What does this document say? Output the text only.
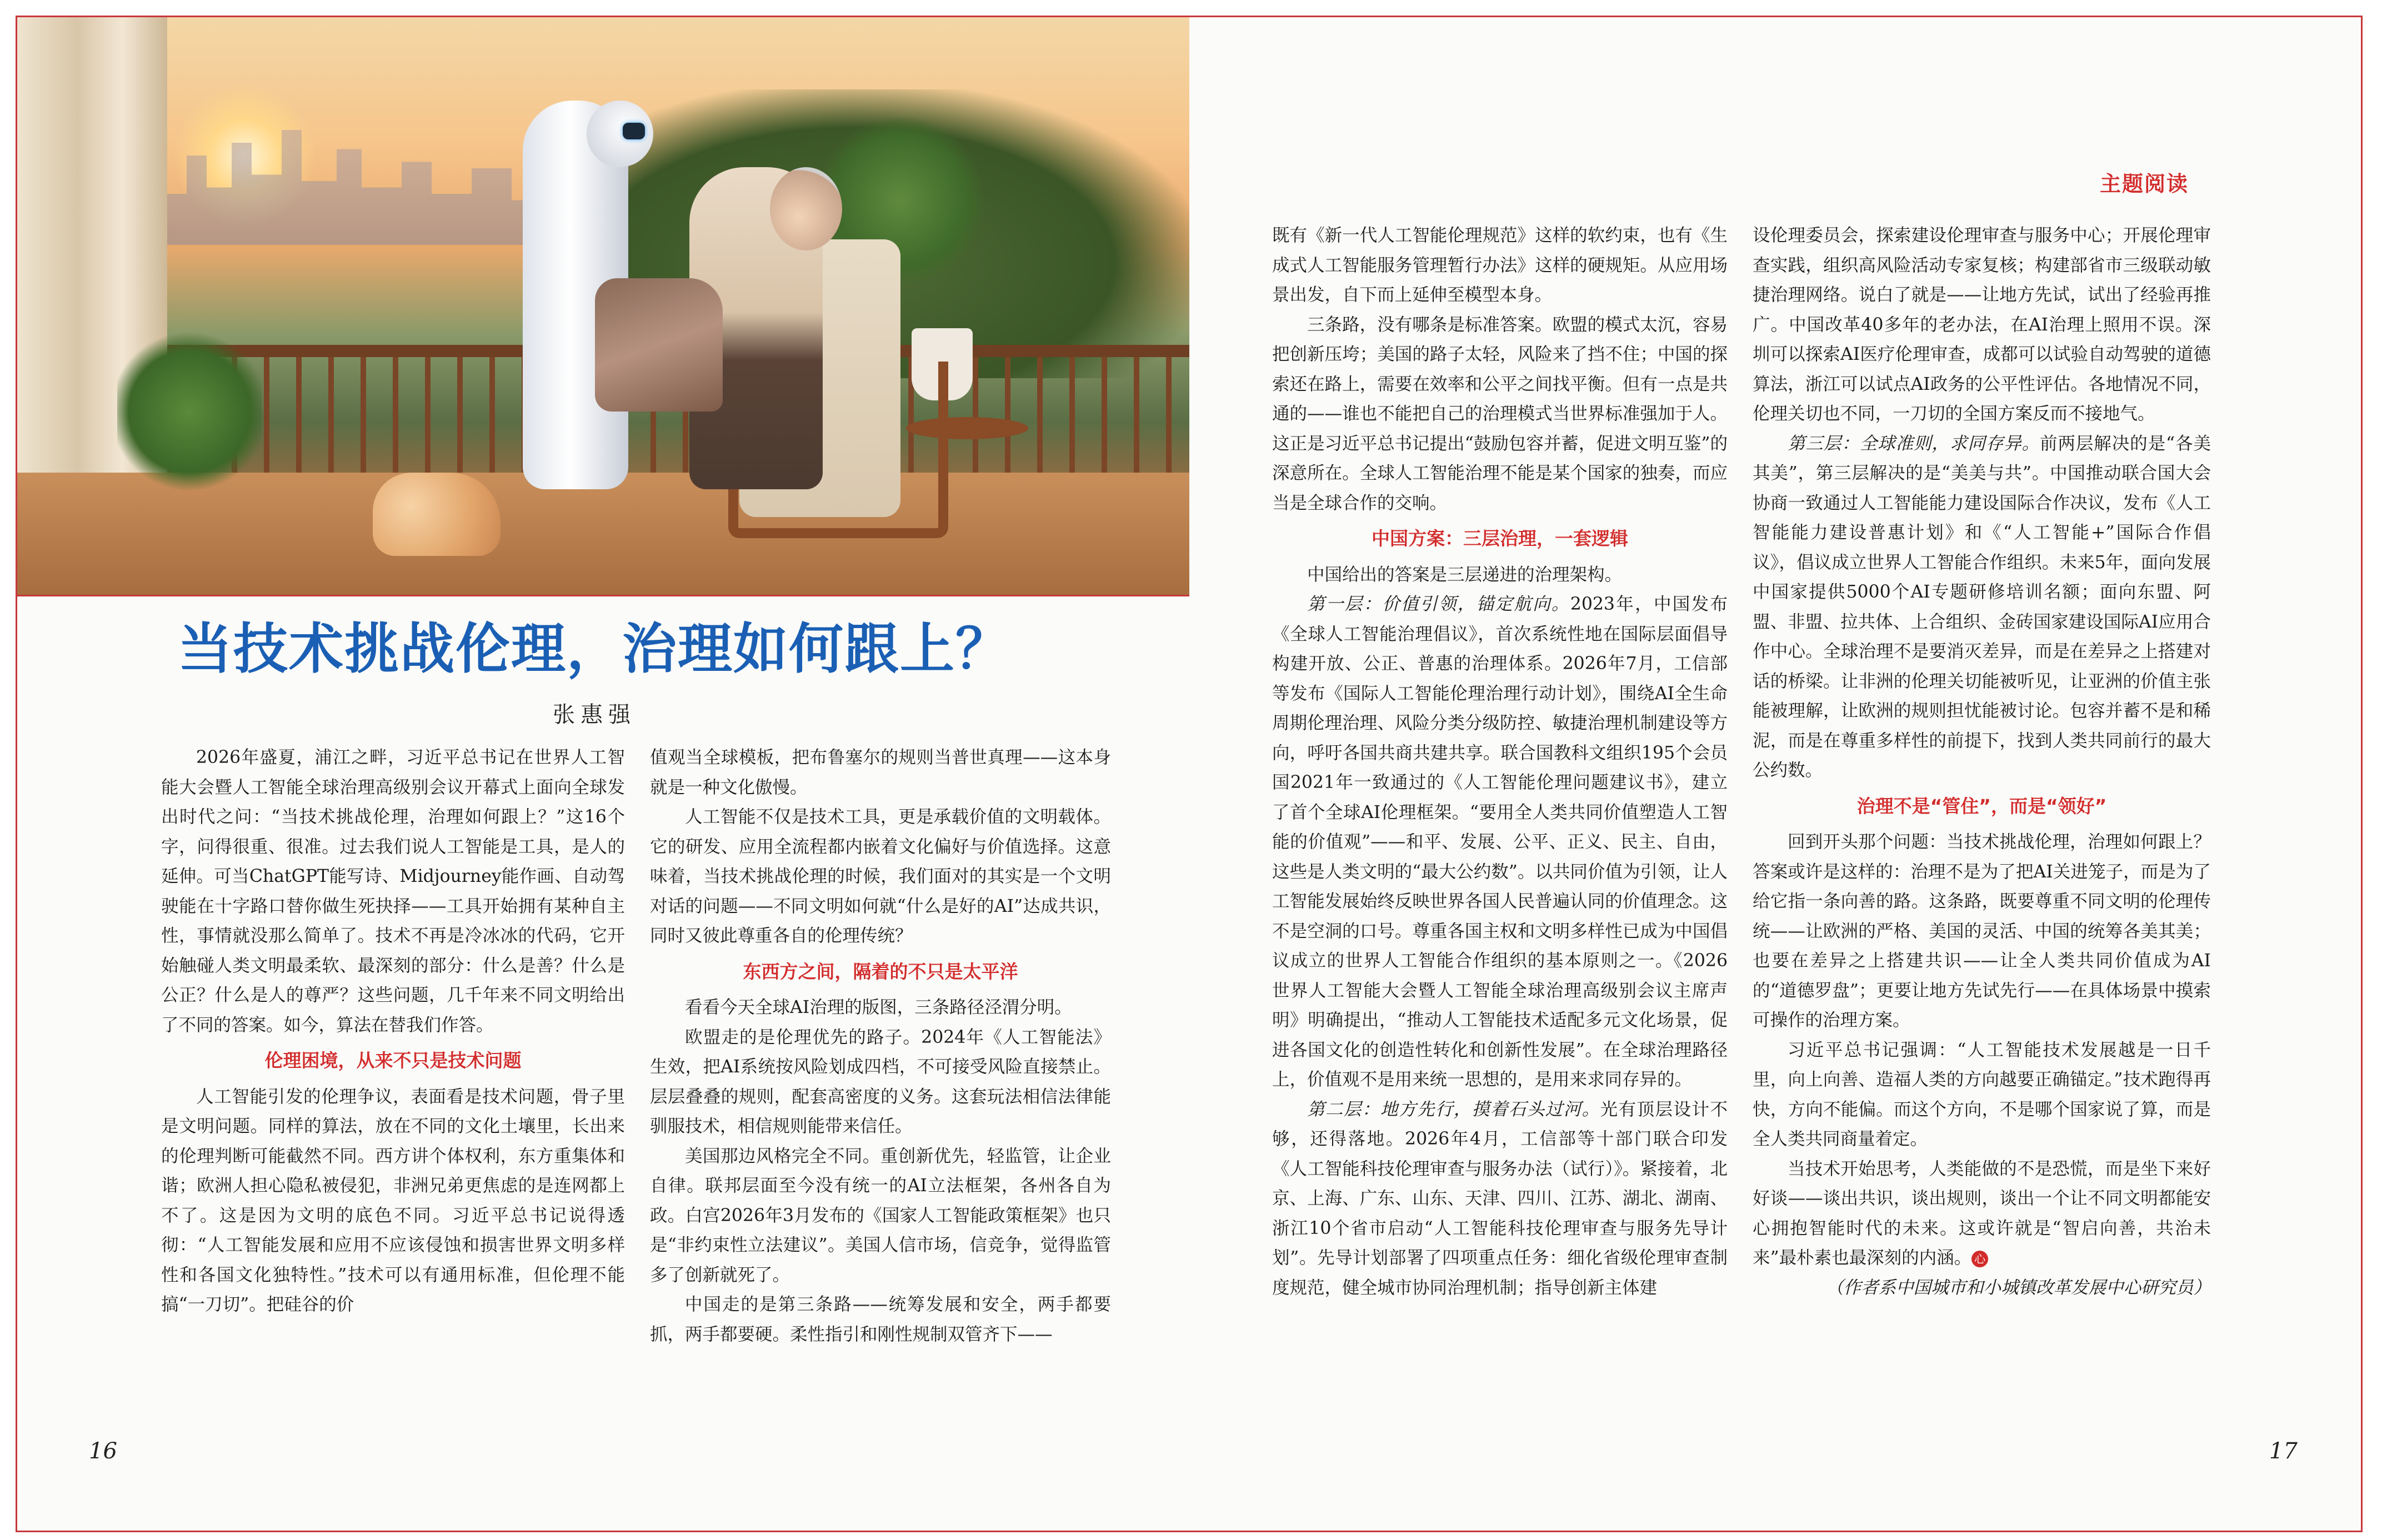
当技术挑战伦理，治理如何跟上？
张惠强

2026年盛夏，浦江之畔，习近平总书记在世界人工智能大会暨人工智能全球治理高级别会议开幕式上面向全球发出时代之问：“当技术挑战伦理，治理如何跟上？”这16个字，问得很重、很准。过去我们说人工智能是工具，是人的延伸。可当ChatGPT能写诗、Midjourney能作画、自动驾驶能在十字路口替你做生死抉择——工具开始拥有某种自主性，事情就没那么简单了。技术不再是冷冰冰的代码，它开始触碰人类文明最柔软、最深刻的部分：什么是善？什么是公正？什么是人的尊严？这些问题，几千年来不同文明给出了不同的答案。如今，算法在替我们作答。

伦理困境，从来不只是技术问题

人工智能引发的伦理争议，表面看是技术问题，骨子里是文明问题。同样的算法，放在不同的文化土壤里，长出来的伦理判断可能截然不同。西方讲个体权利，东方重集体和谐；欧洲人担心隐私被侵犯，非洲兄弟更焦虑的是连网都上不了。这是因为文明的底色不同。习近平总书记说得透彻：“人工智能发展和应用不应该侵蚀和损害世界文明多样性和各国文化独特性。”技术可以有通用标准，但伦理不能搞“一刀切”。把硅谷的价

值观当全球模板，把布鲁塞尔的规则当普世真理——这本身就是一种文化傲慢。

人工智能不仅是技术工具，更是承载价值的文明载体。它的研发、应用全流程都内嵌着文化偏好与价值选择。这意味着，当技术挑战伦理的时候，我们面对的其实是一个文明对话的问题——不同文明如何就“什么是好的AI”达成共识，同时又彼此尊重各自的伦理传统？

东西方之间，隔着的不只是太平洋

看看今天全球AI治理的版图，三条路径泾渭分明。

欧盟走的是伦理优先的路子。2024年《人工智能法》生效，把AI系统按风险划成四档，不可接受风险直接禁止。层层叠叠的规则，配套高密度的义务。这套玩法相信法律能驯服技术，相信规则能带来信任。

美国那边风格完全不同。重创新优先，轻监管，让企业自律。联邦层面至今没有统一的AI立法框架，各州各自为政。白宫2026年3月发布的《国家人工智能政策框架》也只是“非约束性立法建议”。美国人信市场，信竞争，觉得监管多了创新就死了。

中国走的是第三条路——统筹发展和安全，两手都要抓，两手都要硬。柔性指引和刚性规制双管齐下——

主题阅读

既有《新一代人工智能伦理规范》这样的软约束，也有《生成式人工智能服务管理暂行办法》这样的硬规矩。从应用场景出发，自下而上延伸至模型本身。

三条路，没有哪条是标准答案。欧盟的模式太沉，容易把创新压垮；美国的路子太轻，风险来了挡不住；中国的探索还在路上，需要在效率和公平之间找平衡。但有一点是共通的——谁也不能把自己的治理模式当世界标准强加于人。这正是习近平总书记提出“鼓励包容并蓄，促进文明互鉴”的深意所在。全球人工智能治理不能是某个国家的独奏，而应当是全球合作的交响。

中国方案：三层治理，一套逻辑

中国给出的答案是三层递进的治理架构。

第一层：价值引领，锚定航向。2023年，中国发布《全球人工智能治理倡议》，首次系统性地在国际层面倡导构建开放、公正、普惠的治理体系。2026年7月，工信部等发布《国际人工智能伦理治理行动计划》，围绕AI全生命周期伦理治理、风险分类分级防控、敏捷治理机制建设等方向，呼吁各国共商共建共享。联合国教科文组织195个会员国2021年一致通过的《人工智能伦理问题建议书》，建立了首个全球AI伦理框架。“要用全人类共同价值塑造人工智能的价值观”——和平、发展、公平、正义、民主、自由，这些是人类文明的“最大公约数”。以共同价值为引领，让人工智能发展始终反映世界各国人民普遍认同的价值理念。这不是空洞的口号。尊重各国主权和文明多样性已成为中国倡议成立的世界人工智能合作组织的基本原则之一。《2026世界人工智能大会暨人工智能全球治理高级别会议主席声明》明确提出，“推动人工智能技术适配多元文化场景，促进各国文化的创造性转化和创新性发展”。在全球治理路径上，价值观不是用来统一思想的，是用来求同存异的。

第二层：地方先行，摸着石头过河。光有顶层设计不够，还得落地。2026年4月，工信部等十部门联合印发《人工智能科技伦理审查与服务办法（试行）》。紧接着，北京、上海、广东、山东、天津、四川、江苏、湖北、湖南、浙江10个省市启动“人工智能科技伦理审查与服务先导计划”。先导计划部署了四项重点任务：细化省级伦理审查制度规范，健全城市协同治理机制；指导创新主体建

设伦理委员会，探索建设伦理审查与服务中心；开展伦理审查实践，组织高风险活动专家复核；构建部省市三级联动敏捷治理网络。说白了就是——让地方先试，试出了经验再推广。中国改革40多年的老办法，在AI治理上照用不误。深圳可以探索AI医疗伦理审查，成都可以试验自动驾驶的道德算法，浙江可以试点AI政务的公平性评估。各地情况不同，伦理关切也不同，一刀切的全国方案反而不接地气。

第三层：全球准则，求同存异。前两层解决的是“各美其美”，第三层解决的是“美美与共”。中国推动联合国大会协商一致通过人工智能能力建设国际合作决议，发布《人工智能能力建设普惠计划》和《“人工智能+”国际合作倡议》，倡议成立世界人工智能合作组织。未来5年，面向发展中国家提供5000个AI专题研修培训名额；面向东盟、阿盟、非盟、拉共体、上合组织、金砖国家建设国际AI应用合作中心。全球治理不是要消灭差异，而是在差异之上搭建对话的桥梁。让非洲的伦理关切能被听见，让亚洲的价值主张能被理解，让欧洲的规则担忧能被讨论。包容并蓄不是和稀泥，而是在尊重多样性的前提下，找到人类共同前行的最大公约数。

治理不是“管住”，而是“领好”

回到开头那个问题：当技术挑战伦理，治理如何跟上？答案或许是这样的：治理不是为了把AI关进笼子，而是为了给它指一条向善的路。这条路，既要尊重不同文明的伦理传统——让欧洲的严格、美国的灵活、中国的统筹各美其美；也要在差异之上搭建共识——让全人类共同价值成为AI的“道德罗盘”；更要让地方先试先行——在具体场景中摸索可操作的治理方案。

习近平总书记强调：“人工智能技术发展越是一日千里，向上向善、造福人类的方向越要正确锚定。”技术跑得再快，方向不能偏。而这个方向，不是哪个国家说了算，而是全人类共同商量着定。

当技术开始思考，人类能做的不是恐慌，而是坐下来好好谈——谈出共识，谈出规则，谈出一个让不同文明都能安心拥抱智能时代的未来。这或许就是“智启向善，共治未来”最朴素也最深刻的内涵。 心

（作者系中国城市和小城镇改革发展中心研究员）

16	17
